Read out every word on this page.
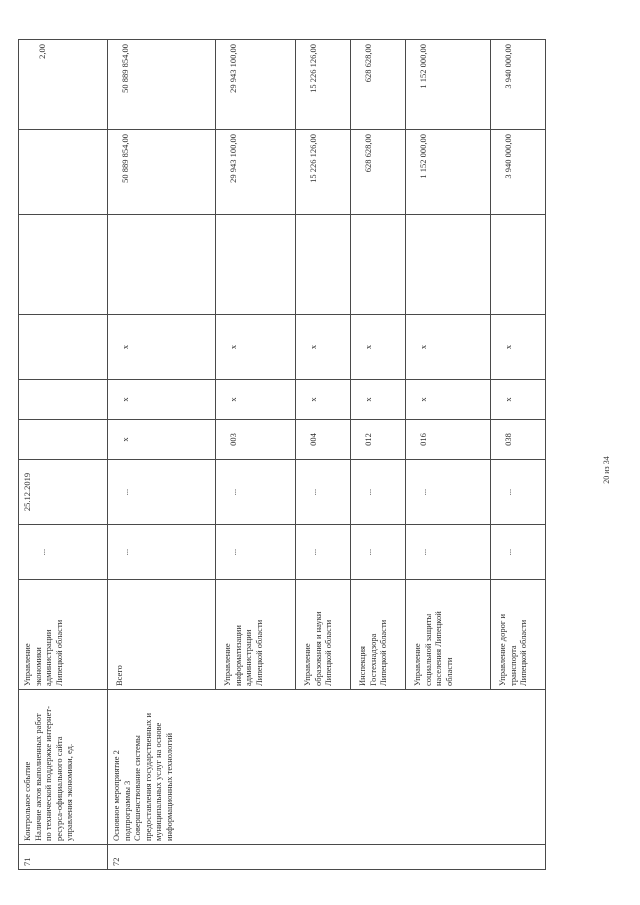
71	Контрольное событие Наличие актов выполненных работ по технической поддержке интернет-ресурса-официального сайта управления экономики, ед.	Управление экономики администрации Липецкой области	...	25.12.2019						2,00
72	Основное мероприятие 2 подпрограммы 3 Совершенствование системы предоставления государственных и муниципальных услуг на основе информационных технологий	Всего	...	...	х	х	х		50 889 854,00	50 889 854,00
		Управление информатизации администрации Липецкой области	...	...	003	х	х		29 943 100,00	29 943 100,00
		Управление образования и науки Липецкой области	...	...	004	х	х		15 226 126,00	15 226 126,00
		Инспекция Гостехнадзора Липецкой области	...	...	012	х	х		628 628,00	628 628,00
		Управление социальной защиты населения Липецкой области	...	...	016	х	х		1 152 000,00	1 152 000,00
		Управление дорог и транспорта Липецкой области	...	...	038	х	х		3 940 000,00	3 940 000,00
20 из 34
